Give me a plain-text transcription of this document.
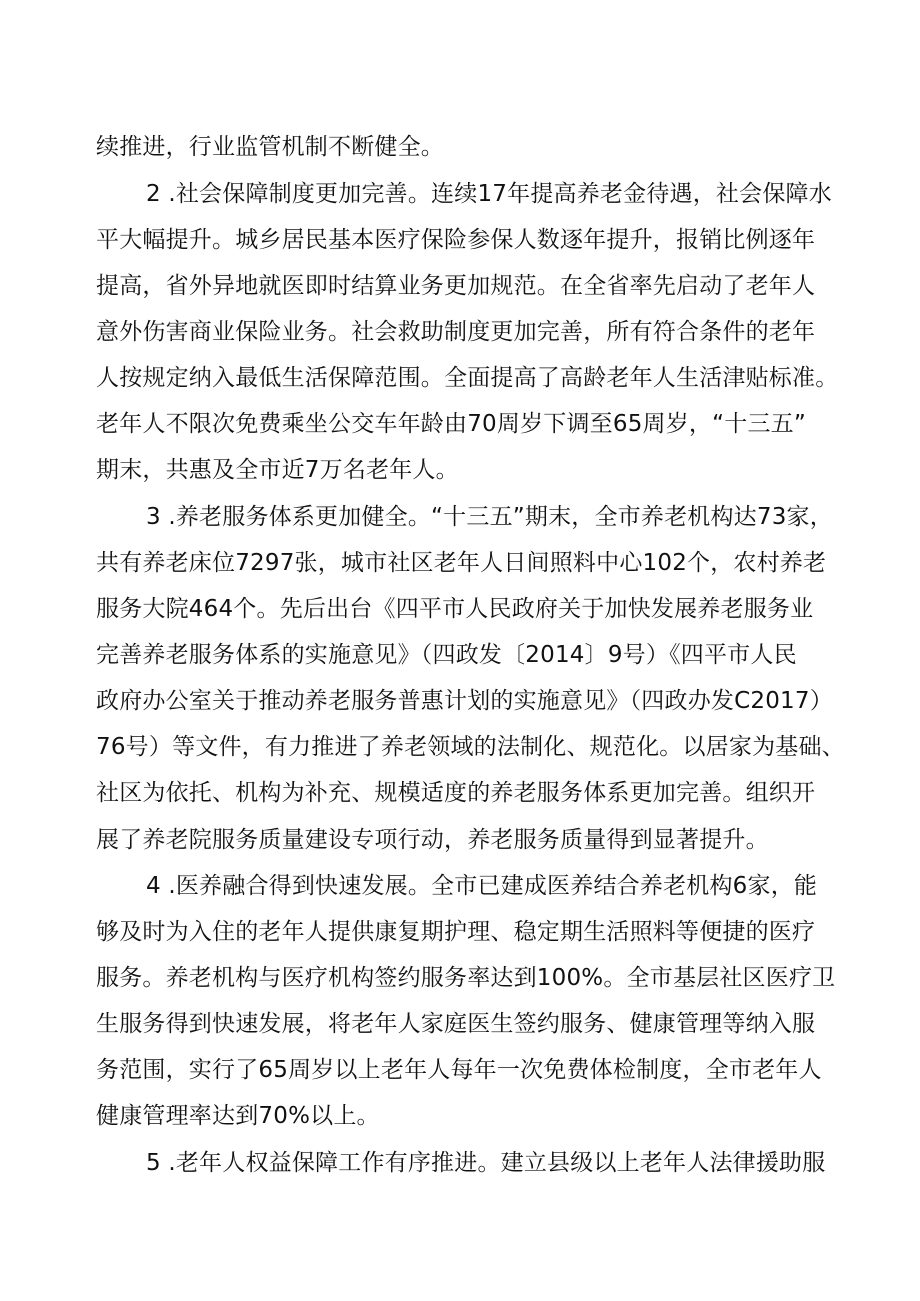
续推进，行业监管机制不断健全。
2 .社会保障制度更加完善。连续17年提高养老金待遇，社会保障水
平大幅提升。城乡居民基本医疗保险参保人数逐年提升，报销比例逐年
提高，省外异地就医即时结算业务更加规范。在全省率先启动了老年人
意外伤害商业保险业务。社会救助制度更加完善，所有符合条件的老年
人按规定纳入最低生活保障范围。全面提高了高龄老年人生活津贴标准。
老年人不限次免费乘坐公交车年龄由70周岁下调至65周岁，“十三五”
期末，共惠及全市近7万名老年人。
3 .养老服务体系更加健全。“十三五”期末，全市养老机构达73家，
共有养老床位7297张，城市社区老年人日间照料中心102个，农村养老
服务大院464个。先后出台《四平市人民政府关于加快发展养老服务业
完善养老服务体系的实施意见》（四政发〔2014〕9号）《四平市人民
政府办公室关于推动养老服务普惠计划的实施意见》（四政办发C2017）
76号）等文件，有力推进了养老领域的法制化、规范化。以居家为基础、
社区为依托、机构为补充、规模适度的养老服务体系更加完善。组织开
展了养老院服务质量建设专项行动，养老服务质量得到显著提升。
4 .医养融合得到快速发展。全市已建成医养结合养老机构6家，能
够及时为入住的老年人提供康复期护理、稳定期生活照料等便捷的医疗
服务。养老机构与医疗机构签约服务率达到100%。全市基层社区医疗卫
生服务得到快速发展，将老年人家庭医生签约服务、健康管理等纳入服
务范围，实行了65周岁以上老年人每年一次免费体检制度，全市老年人
健康管理率达到70%以上。
5 .老年人权益保障工作有序推进。建立县级以上老年人法律援助服
